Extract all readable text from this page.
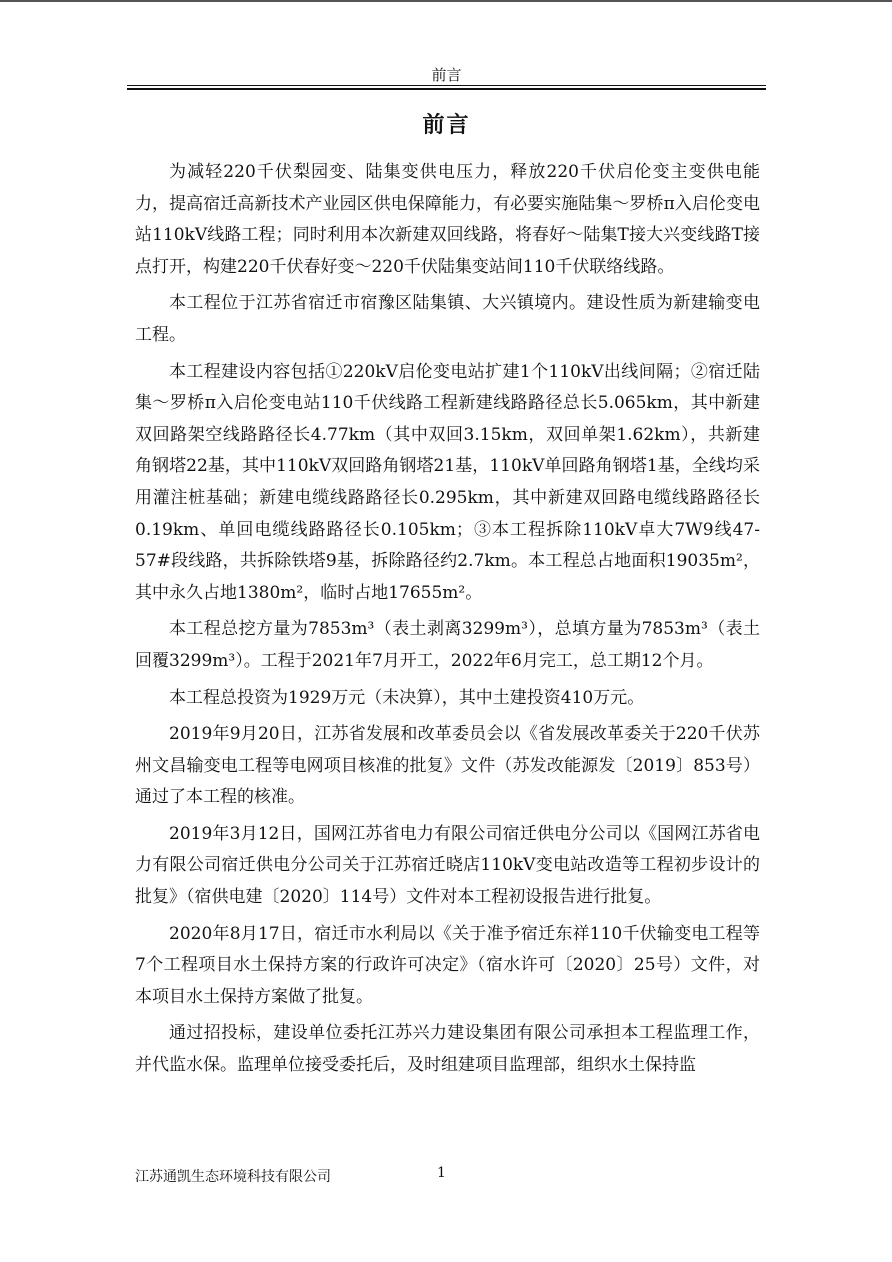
前言
前言

为减轻220千伏梨园变、陆集变供电压力，释放220千伏启伦变主变供电能力，提高宿迁高新技术产业园区供电保障能力，有必要实施陆集～罗桥π入启伦变电站110kV线路工程；同时利用本次新建双回线路，将春好～陆集T接大兴变线路T接点打开，构建220千伏春好变～220千伏陆集变站间110千伏联络线路。

本工程位于江苏省宿迁市宿豫区陆集镇、大兴镇境内。建设性质为新建输变电工程。

本工程建设内容包括①220kV启伦变电站扩建1个110kV出线间隔；②宿迁陆集～罗桥π入启伦变电站110千伏线路工程新建线路路径总长5.065km，其中新建双回路架空线路路径长4.77km（其中双回3.15km，双回单架1.62km），共新建角钢塔22基，其中110kV双回路角钢塔21基，110kV单回路角钢塔1基，全线均采用灌注桩基础；新建电缆线路路径长0.295km，其中新建双回路电缆线路路径长0.19km、单回电缆线路路径长0.105km；③本工程拆除110kV卓大7W9线47-57#段线路，共拆除铁塔9基，拆除路径约2.7km。本工程总占地面积19035m²，其中永久占地1380m²，临时占地17655m²。

本工程总挖方量为7853m³（表土剥离3299m³），总填方量为7853m³（表土回覆3299m³）。工程于2021年7月开工，2022年6月完工，总工期12个月。

本工程总投资为1929万元（未决算），其中土建投资410万元。

2019年9月20日，江苏省发展和改革委员会以《省发展改革委关于220千伏苏州文昌输变电工程等电网项目核准的批复》文件（苏发改能源发〔2019〕853号）通过了本工程的核准。

2019年3月12日，国网江苏省电力有限公司宿迁供电分公司以《国网江苏省电力有限公司宿迁供电分公司关于江苏宿迁晓店110kV变电站改造等工程初步设计的批复》（宿供电建〔2020〕114号）文件对本工程初设报告进行批复。

2020年8月17日，宿迁市水利局以《关于准予宿迁东祥110千伏输变电工程等7个工程项目水土保持方案的行政许可决定》（宿水许可〔2020〕25号）文件，对本项目水土保持方案做了批复。

通过招投标，建设单位委托江苏兴力建设集团有限公司承担本工程监理工作，并代监水保。监理单位接受委托后，及时组建项目监理部，组织水土保持监

江苏通凯生态环境科技有限公司	1
